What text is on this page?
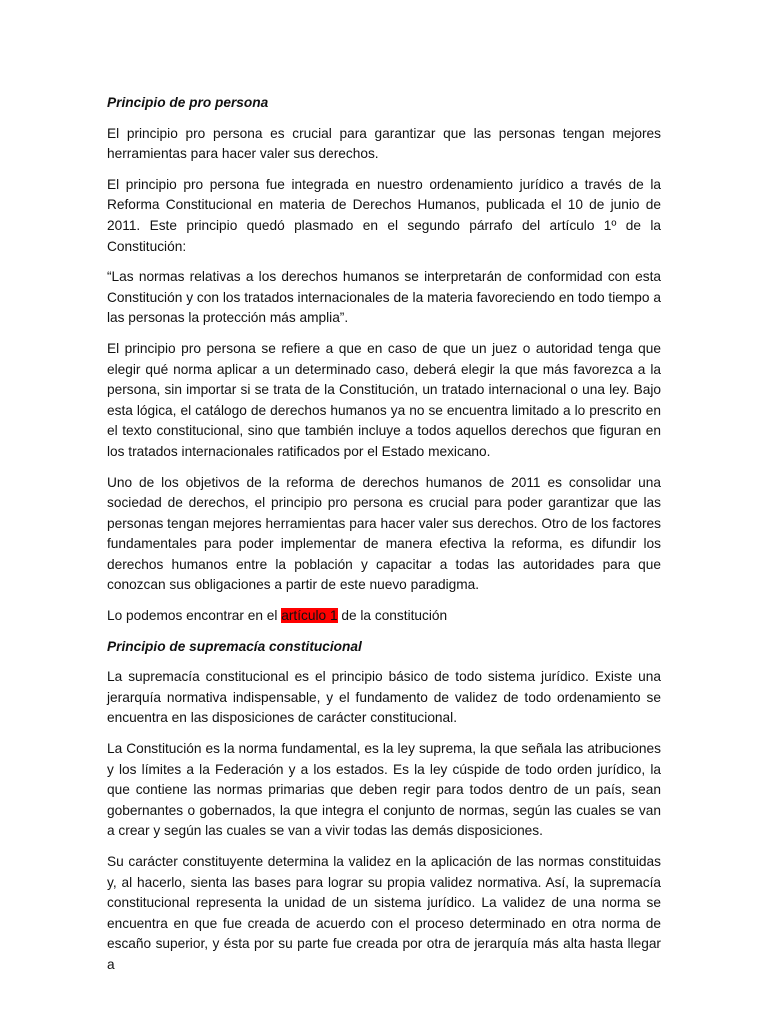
Principio de pro persona

El principio pro persona es crucial para garantizar que las personas tengan mejores herramientas para hacer valer sus derechos.

El principio pro persona fue integrada en nuestro ordenamiento jurídico a través de la Reforma Constitucional en materia de Derechos Humanos, publicada el 10 de junio de 2011. Este principio quedó plasmado en el segundo párrafo del artículo 1º de la Constitución:

“Las normas relativas a los derechos humanos se interpretarán de conformidad con esta Constitución y con los tratados internacionales de la materia favoreciendo en todo tiempo a las personas la protección más amplia”.

El principio pro persona se refiere a que en caso de que un juez o autoridad tenga que elegir qué norma aplicar a un determinado caso, deberá elegir la que más favorezca a la persona, sin importar si se trata de la Constitución, un tratado internacional o una ley. Bajo esta lógica, el catálogo de derechos humanos ya no se encuentra limitado a lo prescrito en el texto constitucional, sino que también incluye a todos aquellos derechos que figuran en los tratados internacionales ratificados por el Estado mexicano.

Uno de los objetivos de la reforma de derechos humanos de 2011 es consolidar una sociedad de derechos, el principio pro persona es crucial para poder garantizar que las personas tengan mejores herramientas para hacer valer sus derechos. Otro de los factores fundamentales para poder implementar de manera efectiva la reforma, es difundir los derechos humanos entre la población y capacitar a todas las autoridades para que conozcan sus obligaciones a partir de este nuevo paradigma.

Lo podemos encontrar en el artículo 1 de la constitución

Principio de supremacía constitucional

La supremacía constitucional es el principio básico de todo sistema jurídico. Existe una jerarquía normativa indispensable, y el fundamento de validez de todo ordenamiento se encuentra en las disposiciones de carácter constitucional.

La Constitución es la norma fundamental, es la ley suprema, la que señala las atribuciones y los límites a la Federación y a los estados. Es la ley cúspide de todo orden jurídico, la que contiene las normas primarias que deben regir para todos dentro de un país, sean gobernantes o gobernados, la que integra el conjunto de normas, según las cuales se van a crear y según las cuales se van a vivir todas las demás disposiciones.

Su carácter constituyente determina la validez en la aplicación de las normas constituidas y, al hacerlo, sienta las bases para lograr su propia validez normativa. Así, la supremacía constitucional representa la unidad de un sistema jurídico. La validez de una norma se encuentra en que fue creada de acuerdo con el proceso determinado en otra norma de escaño superior, y ésta por su parte fue creada por otra de jerarquía más alta hasta llegar a
